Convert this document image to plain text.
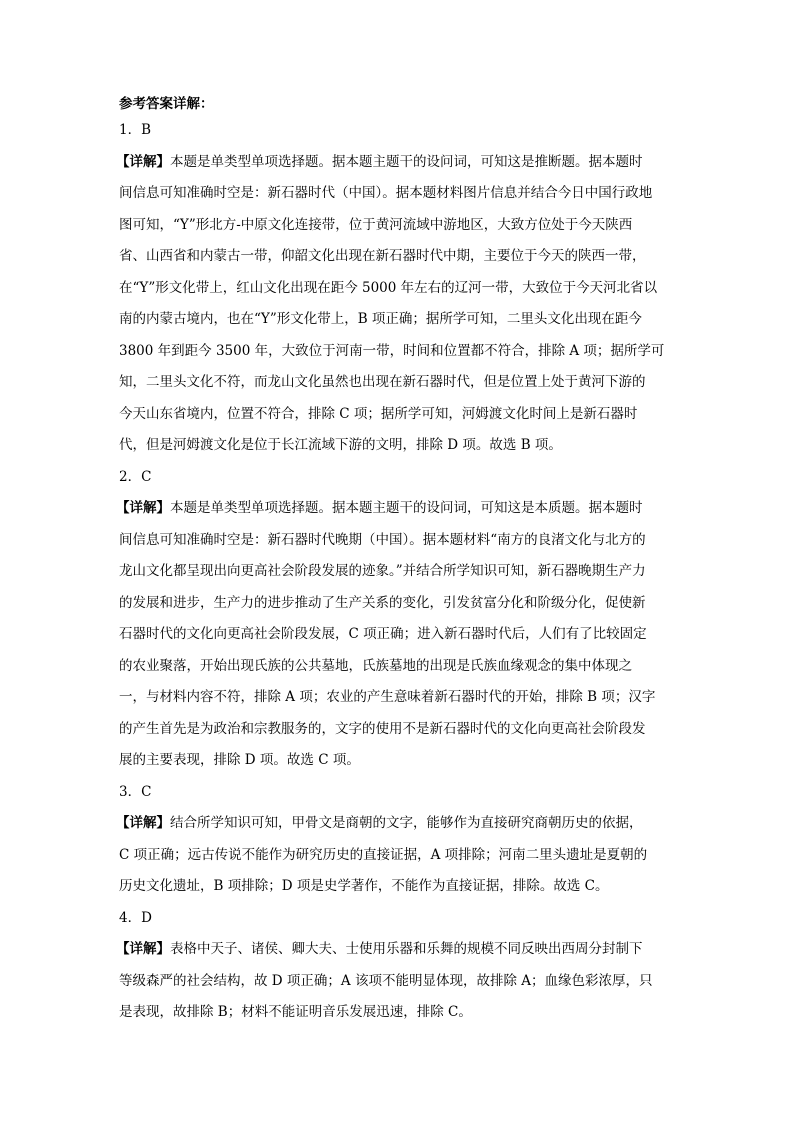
参考答案详解：
1．B
【详解】本题是单类型单项选择题。据本题主题干的设问词，可知这是推断题。据本题时
间信息可知准确时空是：新石器时代（中国）。据本题材料图片信息并结合今日中国行政地
图可知，“Y”形北方-中原文化连接带，位于黄河流域中游地区，大致方位处于今天陕西
省、山西省和内蒙古一带，仰韶文化出现在新石器时代中期，主要位于今天的陕西一带，
在“Y”形文化带上，红山文化出现在距今 5000 年左右的辽河一带，大致位于今天河北省以
南的内蒙古境内，也在“Y”形文化带上，B 项正确；据所学可知，二里头文化出现在距今
3800 年到距今 3500 年，大致位于河南一带，时间和位置都不符合，排除 A 项；据所学可
知，二里头文化不符，而龙山文化虽然也出现在新石器时代，但是位置上处于黄河下游的
今天山东省境内，位置不符合，排除 C 项；据所学可知，河姆渡文化时间上是新石器时
代，但是河姆渡文化是位于长江流域下游的文明，排除 D 项。故选 B 项。
2．C
【详解】本题是单类型单项选择题。据本题主题干的设问词，可知这是本质题。据本题时
间信息可知准确时空是：新石器时代晚期（中国）。据本题材料“南方的良渚文化与北方的
龙山文化都呈现出向更高社会阶段发展的迹象。”并结合所学知识可知，新石器晚期生产力
的发展和进步，生产力的进步推动了生产关系的变化，引发贫富分化和阶级分化，促使新
石器时代的文化向更高社会阶段发展，C 项正确；进入新石器时代后，人们有了比较固定
的农业聚落，开始出现氏族的公共墓地，氏族墓地的出现是氏族血缘观念的集中体现之
一，与材料内容不符，排除 A 项；农业的产生意味着新石器时代的开始，排除 B 项；汉字
的产生首先是为政治和宗教服务的，文字的使用不是新石器时代的文化向更高社会阶段发
展的主要表现，排除 D 项。故选 C 项。
3．C
【详解】结合所学知识可知，甲骨文是商朝的文字，能够作为直接研究商朝历史的依据，
C 项正确；远古传说不能作为研究历史的直接证据，A 项排除；河南二里头遗址是夏朝的
历史文化遗址，B 项排除；D 项是史学著作，不能作为直接证据，排除。故选 C。
4．D
【详解】表格中天子、诸侯、卿大夫、士使用乐器和乐舞的规模不同反映出西周分封制下
等级森严的社会结构，故 D 项正确；A 该项不能明显体现，故排除 A；血缘色彩浓厚，只
是表现，故排除 B；材料不能证明音乐发展迅速，排除 C。
